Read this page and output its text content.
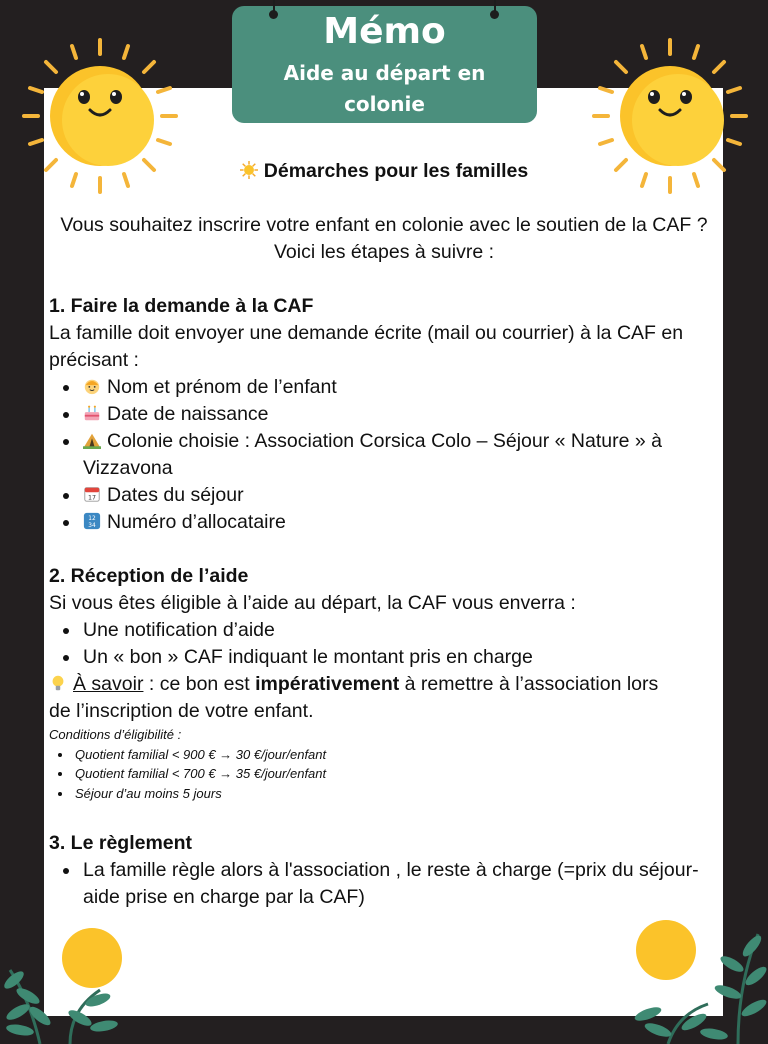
Mémo
Aide au départ en
colonie
Démarches pour les familles
Vous souhaitez inscrire votre enfant en colonie avec le soutien de la CAF ?
Voici les étapes à suivre :
1. Faire la demande à la CAF
La famille doit envoyer une demande écrite (mail ou courrier) à la CAF en
précisant :
• Nom et prénom de l’enfant
• Date de naissance
• Colonie choisie : Association Corsica Colo – Séjour « Nature » à
Vizzavona
• 17 Dates du séjour
• 12
34 Numéro d’allocataire
2. Réception de l’aide
Si vous êtes éligible à l’aide au départ, la CAF vous enverra :
• Une notification d’aide
• Un « bon » CAF indiquant le montant pris en charge
À savoir : ce bon est impérativement à remettre à l’association lors
de l’inscription de votre enfant.
Conditions d’éligibilité :
• Quotient familial < 900 € → 30 €/jour/enfant
• Quotient familial < 700 € → 35 €/jour/enfant
• Séjour d’au moins 5 jours
3. Le règlement
• La famille règle alors à l'association , le reste à charge (=prix du séjour-
aide prise en charge par la CAF)
